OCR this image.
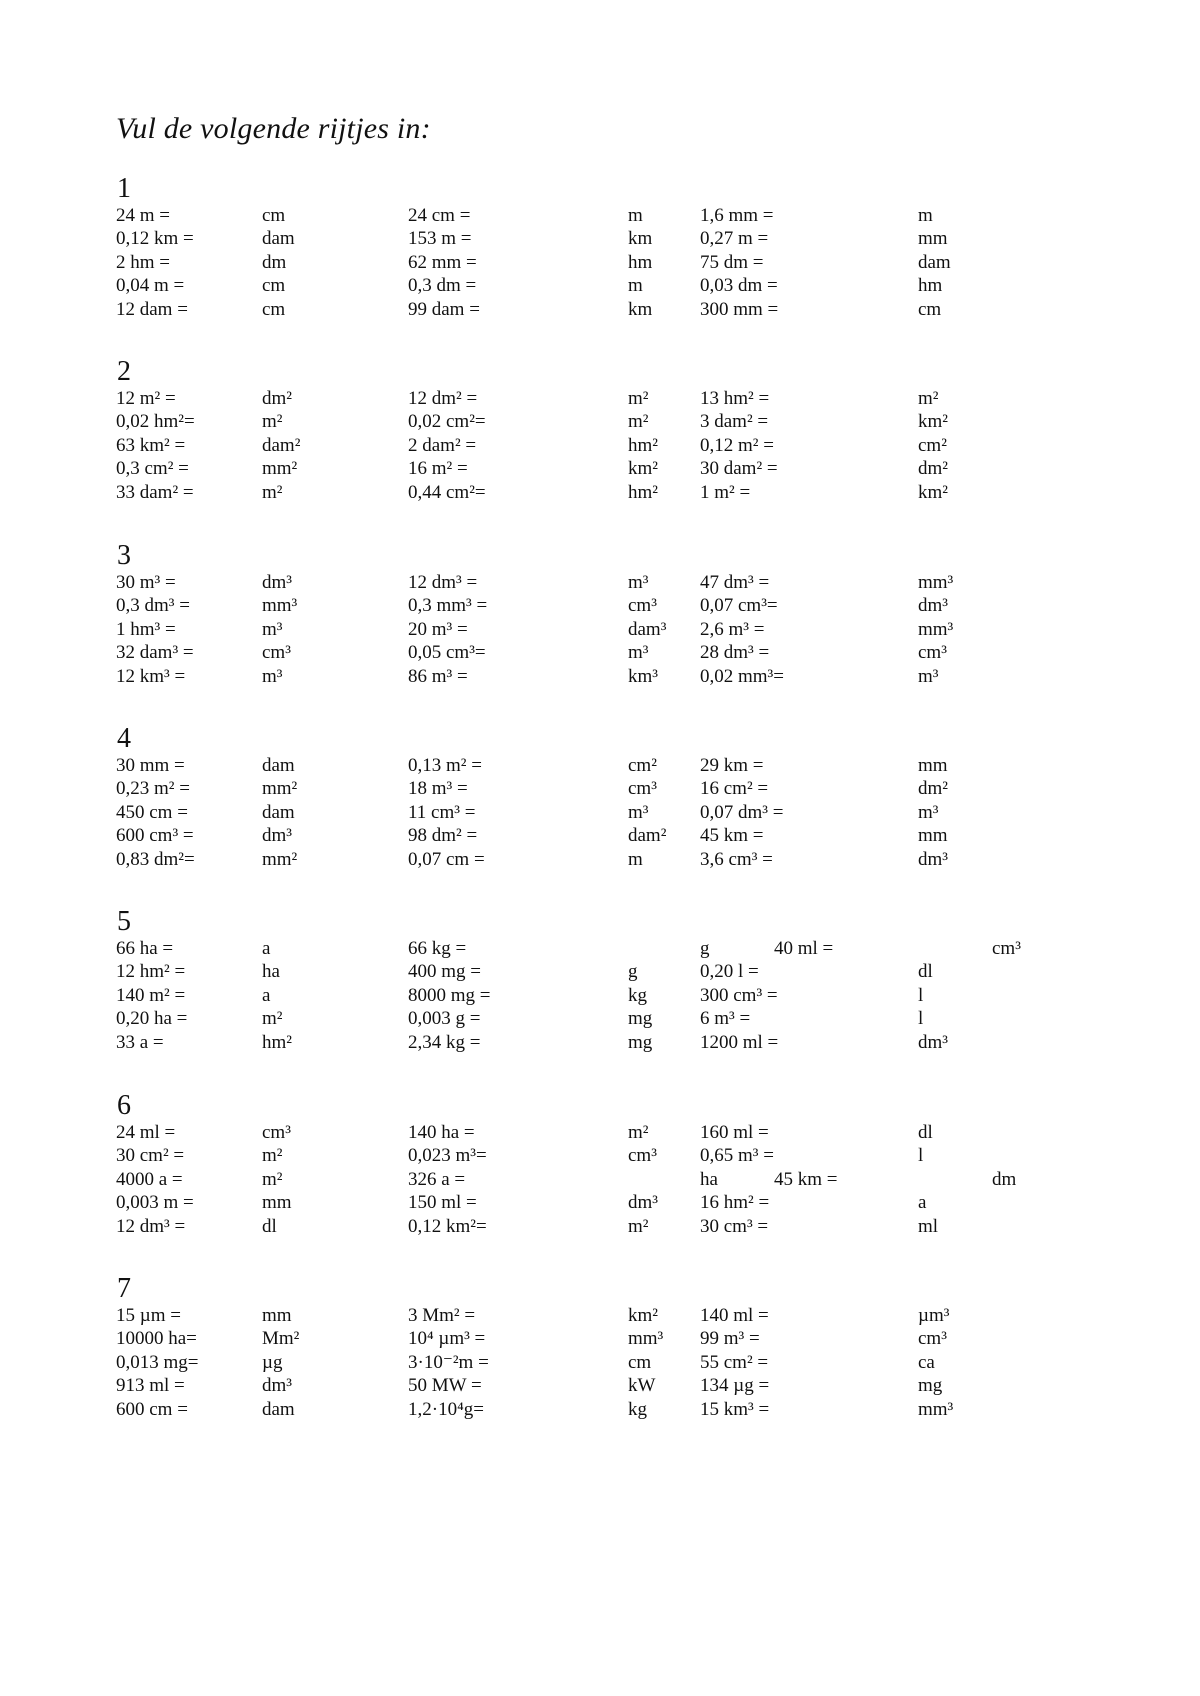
Vul de volgende rijtjes in:
1
24 m =	cm	24 cm =	m	1,6 mm =	m
0,12 km =	dam	153 m =	km	0,27 m =	mm
2 hm =	dm	62 mm =	hm	75 dm =	dam
0,04 m =	cm	0,3 dm =	m	0,03 dm =	hm
12 dam =	cm	99 dam =	km	300 mm =	cm
2
12 m² =	dm²	12 dm² =	m²	13 hm² =	m²
0,02 hm²=	m²	0,02 cm²=	m²	3 dam² =	km²
63 km² =	dam²	2 dam² =	hm² 0,12 m² =	cm²
0,3 cm² =	mm²	16 m² =	km² 30 dam² =	dm²
33 dam² =	m²	0,44 cm²=	hm² 1 m² =	km²
3
30 m³ =	dm³	12 dm³ =	m³	47 dm³ =	mm³
0,3 dm³ =	mm³	0,3 mm³ =	cm³ 0,07 cm³=	dm³
1 hm³ =	m³	20 m³ =	dam³ 2,6 m³ =	mm³
32 dam³ =	cm³	0,05 cm³=	m³	28 dm³ =	cm³
12 km³ =	m³	86 m³ =	km³ 0,02 mm³=	m³
4
30 mm =	dam	0,13 m² =	cm² 29 km =	mm
0,23 m² =	mm²	18 m³ =	cm³ 16 cm² =	dm²
450 cm =	dam	11 cm³ =	m³	0,07 dm³ =	m³
600 cm³ =	dm³	98 dm² =	dam² 45 km =	mm
0,83 dm²=	mm²	0,07 cm =	m	3,6 cm³ =	dm³
5
66 ha =	a	66 kg =	g	40 ml =	cm³
12 hm² =	ha	400 mg =	g	0,20 l =	dl
140 m² =	a	8000 mg =	kg	300 cm³ =	l
0,20 ha =	m²	0,003 g =	mg	6 m³ =	l
33 a =	hm²	2,34 kg =	mg	1200 ml =	dm³
6
24 ml =	cm³	140 ha =	m²	160 ml =	dl
30 cm² =	m²	0,023 m³=	cm³ 0,65 m³ =	l
4000 a =	m²	326 a =	ha	45 km =	dm
0,003 m =	mm	150 ml =	dm³ 16 hm² =	a
12 dm³ =	dl	0,12 km²=	m²	30 cm³ =	ml
7
15 µm =	mm	3 Mm² =	km² 140 ml =	µm³
10000 ha=	Mm²	10⁴ µm³ =	mm³ 99 m³ =	cm³
0,013 mg=	µg	3·10⁻²m =	cm	55 cm² =	ca
913 ml =	dm³	50 MW =	kW 134 µg =	mg
600 cm =	dam	1,2·10⁴g=	kg	15 km³ =	mm³
